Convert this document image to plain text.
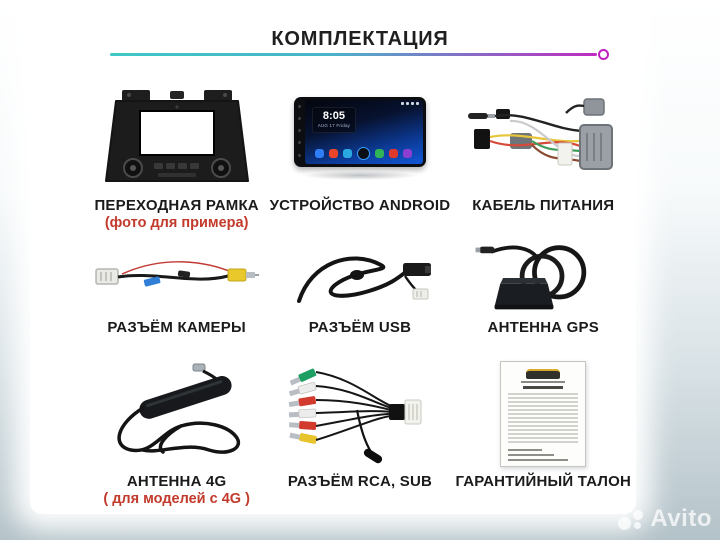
КОМПЛЕКТАЦИЯ
ПЕРЕХОДНАЯ РАМКА
(фото для примера)
8:05
AUG 17 Friday
УСТРОЙСТВО ANDROID КАБЕЛЬ ПИТАНИЯ
РАЗЪЁМ КАМЕРЫ	РАЗЪЁМ USB	АНТЕННА GPS
АНТЕННА 4G
( для моделей с 4G )
РАЗЪЁМ RCA, SUB ГАРАНТИЙНЫЙ ТАЛОН
Avito
